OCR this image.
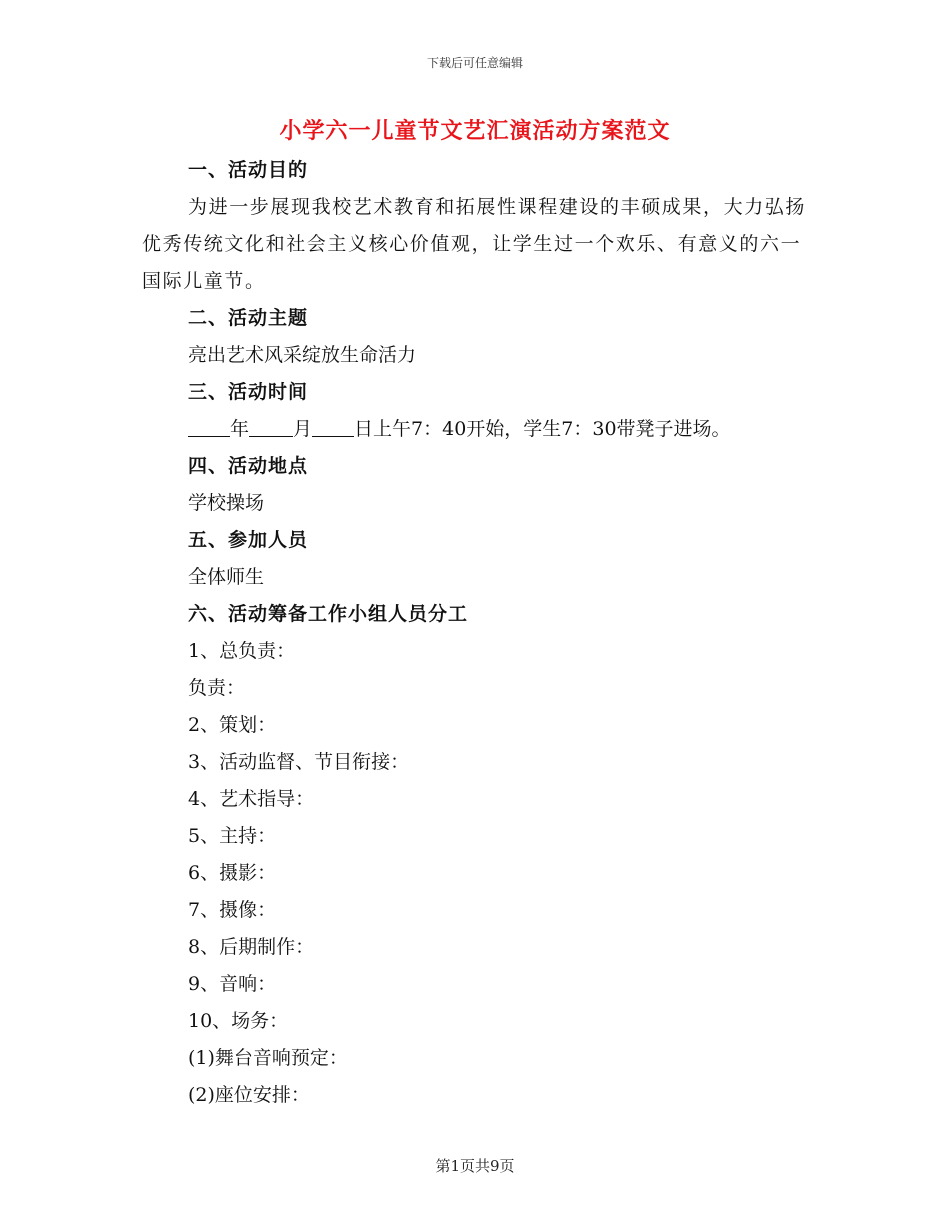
下载后可任意编辑
小学六一儿童节文艺汇演活动方案范文
一、活动目的
为进一步展现我校艺术教育和拓展性课程建设的丰硕成果，大力弘扬优秀传统文化和社会主义核心价值观，让学生过一个欢乐、有意义的六一国际儿童节。
二、活动主题
亮出艺术风采绽放生命活力
三、活动时间
年 月 日上午7：40开始，学生7：30带凳子进场。
四、活动地点
学校操场
五、参加人员
全体师生
六、活动筹备工作小组人员分工
1、总负责：
负责：
2、策划：
3、活动监督、节目衔接：
4、艺术指导：
5、主持：
6、摄影：
7、摄像：
8、后期制作：
9、音响：
10、场务：
(1)舞台音响预定：
(2)座位安排：
第1页共9页
